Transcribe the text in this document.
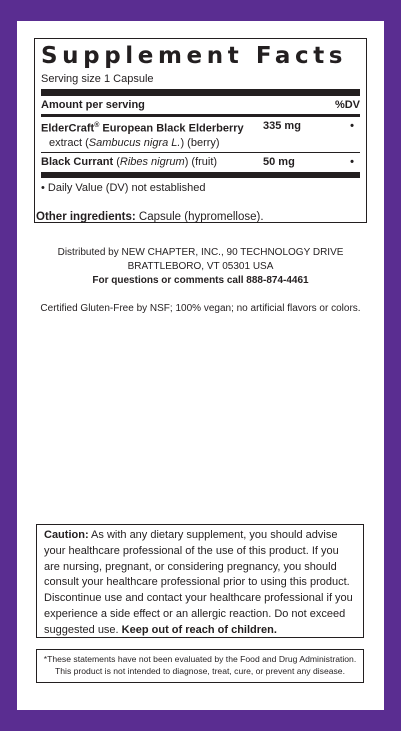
Supplement Facts
Serving size 1 Capsule
Amount per serving	%DV
ElderCraft® European Black Elderberry
extract (Sambucus nigra L.) (berry)
335 mg	•
Black Currant (Ribes nigrum) (fruit)	50 mg	•
• Daily Value (DV) not established
Other ingredients: Capsule (hypromellose).
Distributed by NEW CHAPTER, INC., 90 TECHNOLOGY DRIVE
BRATTLEBORO, VT 05301 USA
For questions or comments call 888-874-4461
Certified Gluten-Free by NSF; 100% vegan; no artificial flavors or colors.
Caution: As with any dietary supplement, you should advise your healthcare professional of the use of this product. If you are nursing, pregnant, or considering pregnancy, you should consult your healthcare professional prior to using this product. Discontinue use and contact your healthcare professional if you experience a side effect or an allergic reaction. Do not exceed suggested use. Keep out of reach of children.
*These statements have not been evaluated by the Food and Drug Administration.
This product is not intended to diagnose, treat, cure, or prevent any disease.
